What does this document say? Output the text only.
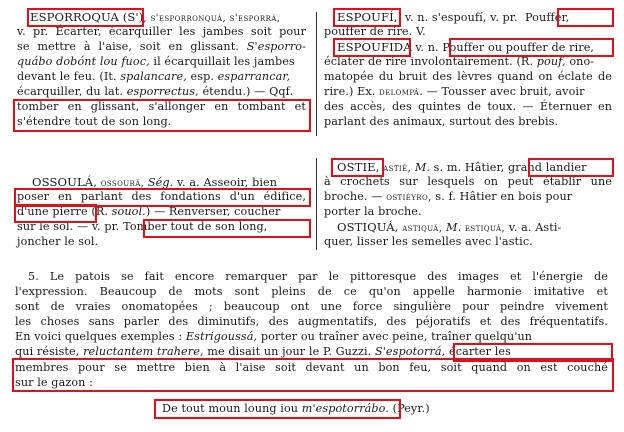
ESPORROQUA (S'), s'esporronquá, s'esporrá,
v. pr. Écarter, écarquiller les jambes soit pour
se mettre à l'aise, soit en glissant. S'esporro-
quábo dobónt lou fuoc, il écarquillait les jambes
devant le feu. (It. spalancare, esp. esparrancar,
écarquiller, du lat. esporrectus, étendu.) — Qqf.
tomber en glissant, s'allonger en tombant et
s'étendre tout de son long.
ESPOUFÍ, v. n. s'espoufí, v. pr. Pouffer,
pouffer de rire. V.
ESPOUFIDA v. n. Pouffer ou pouffer de rire,
éclater de rire involontairement. (R. pouf, ono-
matopée du bruit des lèvres quand on éclate de
rire.) Ex. delompá. — Tousser avec bruit, avoir
des accès, des quintes de toux. — Éternuer en
parlant des animaux, surtout des brebis.
OSSOULÁ, ossourá, Ség. v. a. Asseoir, bien
poser en parlant des fondations d'un édifice,
d'une pierre (R. souol.) — Renverser, coucher
sur le sol. — v. pr. Tomber tout de son long,
joncher le sol.
OSTIE, astiè, M. s. m. Hâtier, grand landier
à crochets sur lesquels on peut établir une
broche. — ostièyro, s. f. Hâtier en bois pour
porter la broche.
OSTIQUÁ, astiquá, M. estiquá, v. a. Asti-
quer, lisser les semelles avec l'astic.
5. Le patois se fait encore remarquer par le pittoresque des images et l'énergie de
l'expression. Beaucoup de mots sont pleins de ce qu'on appelle harmonie imitative et
sont de vraies onomatopées ; beaucoup ont une force singulière pour peindre vivement
les choses sans parler des diminutifs, des augmentatifs, des péjoratifs et des fréquentatifs.
En voici quelques exemples : Estrigoussá, porter ou traîner avec peine, traîner quelqu'un
qui résiste, reluctantem trahere, me disait un jour le P. Guzzi. S'espotorrá, écarter les
membres pour se mettre bien à l'aise soit devant un bon feu, soit quand on est couché
sur le gazon :
De tout moun loung iou m'espotorrábo. (Peyr.)
